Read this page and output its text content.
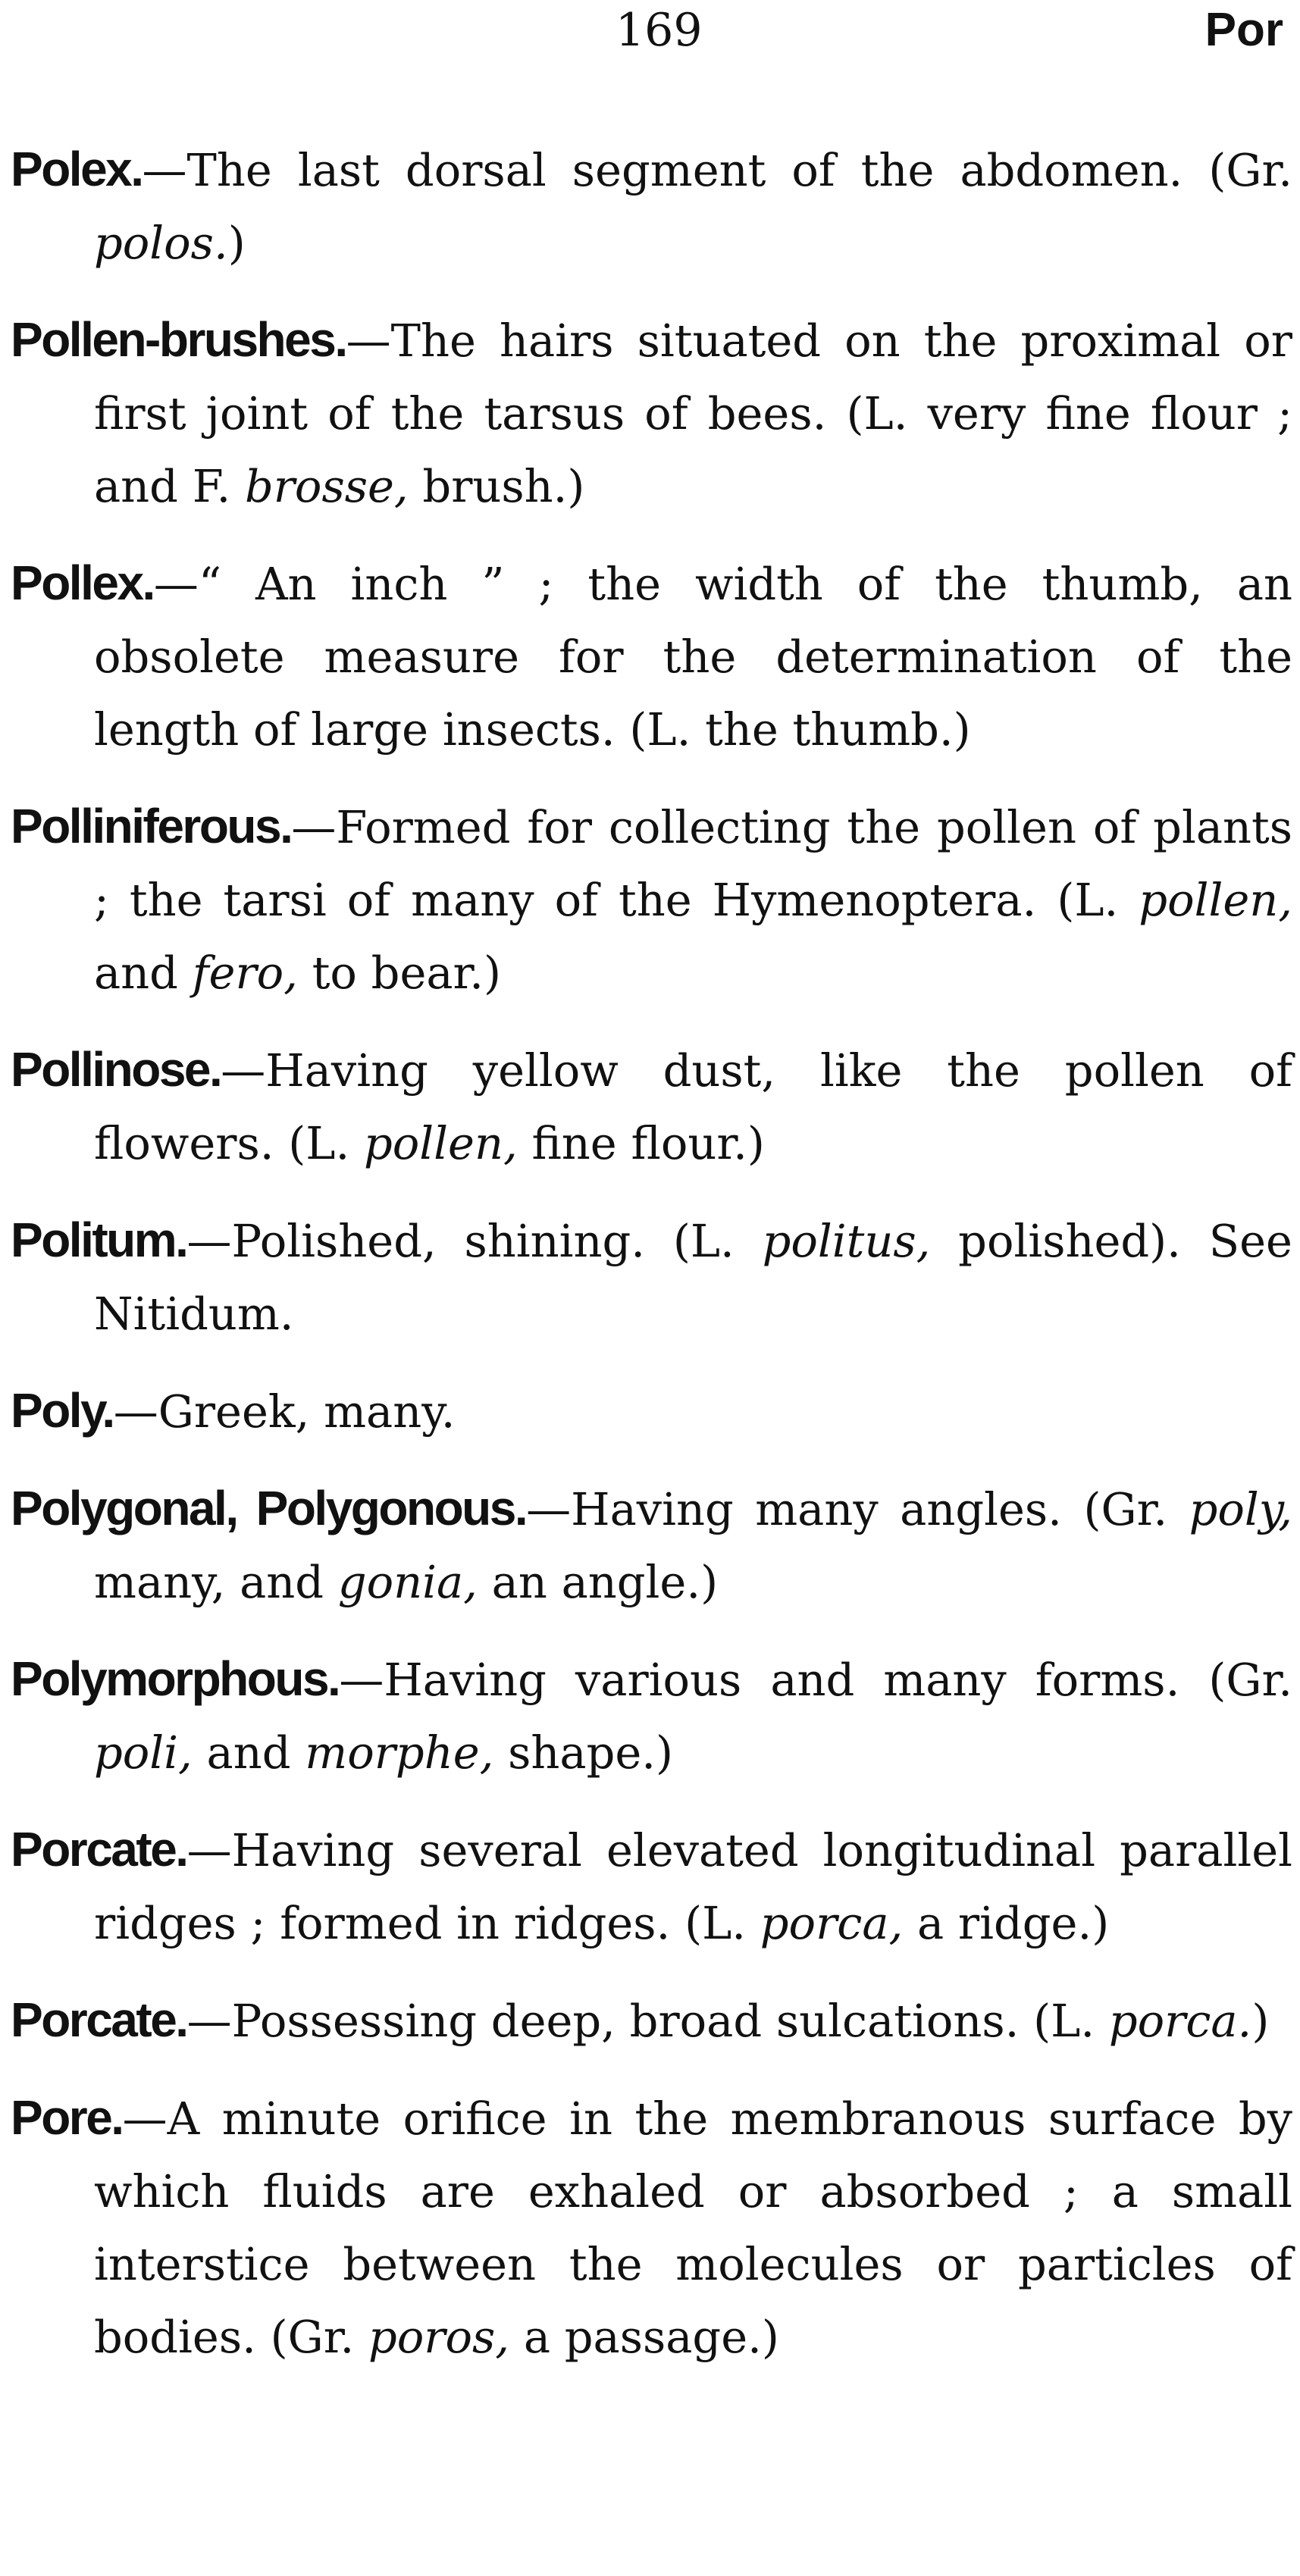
169	Por

Polex.—The last dorsal segment of the abdomen. (Gr. polos.)

Pollen-brushes.—The hairs situated on the proximal or first joint of the tarsus of bees. (L. very fine flour ; and F. brosse, brush.)

Pollex.—“ An inch ” ; the width of the thumb, an obsolete measure for the determination of the length of large insects. (L. the thumb.)

Polliniferous.—Formed for collecting the pollen of plants ; the tarsi of many of the Hymenoptera. (L. pollen, and fero, to bear.)

Pollinose.—Having yellow dust, like the pollen of flowers. (L. pollen, fine flour.)

Politum.—Polished, shining. (L. politus, polished). See Nitidum.

Poly.—Greek, many.

Polygonal, Polygonous.—Having many angles. (Gr. poly, many, and gonia, an angle.)

Polymorphous.—Having various and many forms. (Gr. poli, and morphe, shape.)

Porcate.—Having several elevated longitudinal parallel ridges ; formed in ridges. (L. porca, a ridge.)

Porcate.—Possessing deep, broad sulcations. (L. porca.)

Pore.—A minute orifice in the membranous surface by which fluids are exhaled or absorbed ; a small interstice between the molecules or particles of bodies. (Gr. poros, a passage.)
